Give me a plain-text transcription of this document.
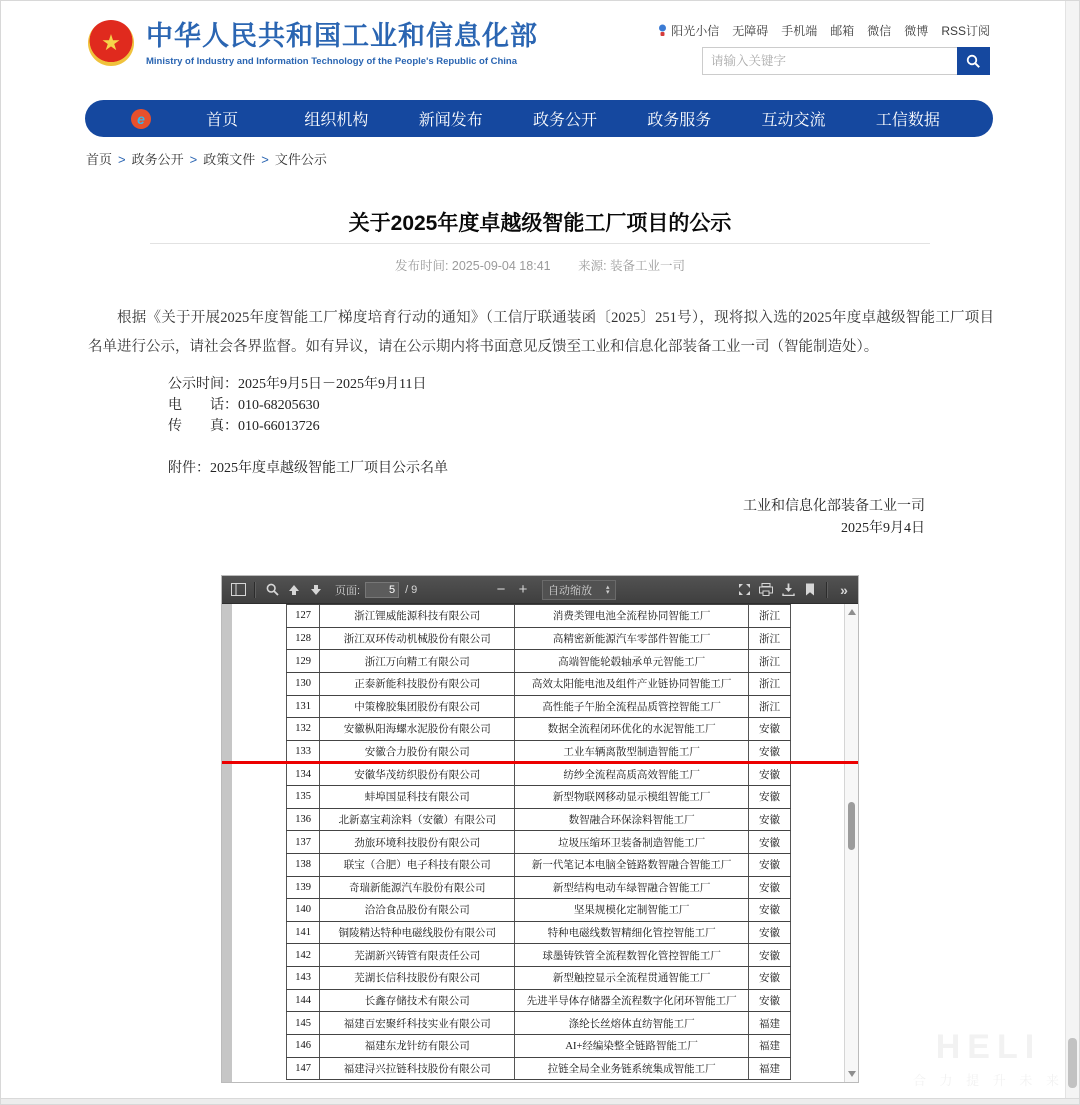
★ 中华人民共和国工业和信息化部
Ministry of Industry and Information Technology of the People's Republic of China
阳光小信 无障碍 手机端 邮箱 微信 微博 RSS订阅
请输入关键字
e	首页	组织机构	新闻发布	政务公开	政务服务	互动交流	工信数据
首页 > 政务公开 > 政策文件 > 文件公示
关于2025年度卓越级智能工厂项目的公示
发布时间: 2025-09-04 18:41 来源: 装备工业一司
根据《关于开展2025年度智能工厂梯度培育行动的通知》（工信厅联通装函〔2025〕251号），现将拟入选的2025年度卓越级智能工厂项目名单进行公示，请社会各界监督。如有异议，请在公示期内将书面意见反馈至工业和信息化部装备工业一司（智能制造处）。
公示时间：2025年9月5日－2025年9月11日
电　　话：010-68205630
传　　真：010-66013726
附件：2025年度卓越级智能工厂项目公示名单
工业和信息化部装备工业一司
2025年9月4日
页面:
5	/ 9	− + 自动缩放 ▴
▾	»
127	浙江锂威能源科技有限公司	消费类锂电池全流程协同智能工厂	浙江
128	浙江双环传动机械股份有限公司	高精密新能源汽车零部件智能工厂	浙江
129	浙江万向精工有限公司	高端智能轮毂轴承单元智能工厂	浙江
130	正泰新能科技股份有限公司	高效太阳能电池及组件产业链协同智能工厂	浙江
131	中策橡胶集团股份有限公司	高性能子午胎全流程品质管控智能工厂	浙江
132	安徽枞阳海螺水泥股份有限公司	数据全流程闭环优化的水泥智能工厂	安徽
133	安徽合力股份有限公司	工业车辆离散型制造智能工厂	安徽
134	安徽华茂纺织股份有限公司	纺纱全流程高质高效智能工厂	安徽
135	蚌埠国显科技有限公司	新型物联网移动显示模组智能工厂	安徽
136	北新嘉宝莉涂料（安徽）有限公司	数智融合环保涂料智能工厂	安徽
137	劲旅环境科技股份有限公司	垃圾压缩环卫装备制造智能工厂	安徽
138	联宝（合肥）电子科技有限公司	新一代笔记本电脑全链路数智融合智能工厂	安徽
139	奇瑞新能源汽车股份有限公司	新型结构电动车绿智融合智能工厂	安徽
140	洽洽食品股份有限公司	坚果规模化定制智能工厂	安徽
141	铜陵精达特种电磁线股份有限公司	特种电磁线数智精细化管控智能工厂	安徽
142	芜湖新兴铸管有限责任公司	球墨铸铁管全流程数智化管控智能工厂	安徽
143	芜湖长信科技股份有限公司	新型触控显示全流程贯通智能工厂	安徽
144	长鑫存储技术有限公司	先进半导体存储器全流程数字化闭环智能工厂	安徽
145	福建百宏聚纤科技实业有限公司	涤纶长丝熔体直纺智能工厂	福建
146	福建东龙针纺有限公司	AI+经编染整全链路智能工厂	福建
147	福建浔兴拉链科技股份有限公司	拉链全局全业务链系统集成智能工厂	福建
HELI
合 力 提 升 未 来
